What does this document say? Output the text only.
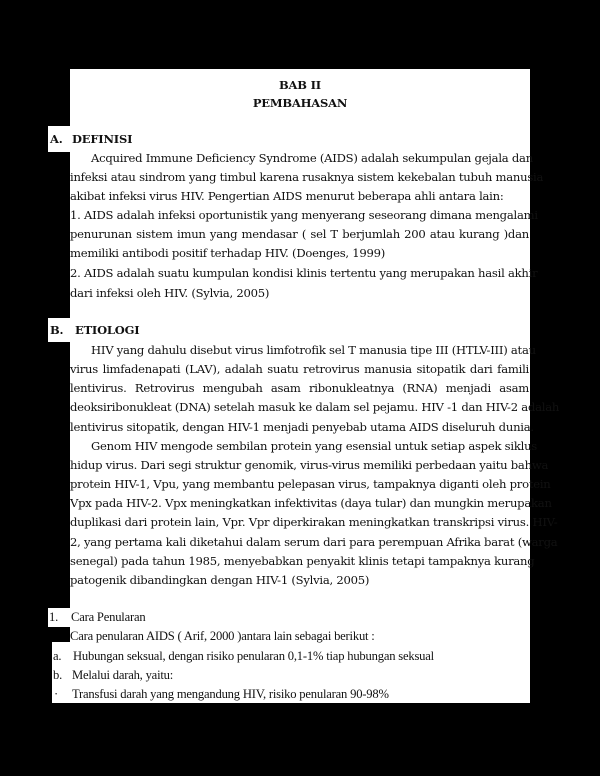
BAB II
PEMBAHASAN
A. DEFINISI
Acquired Immune Deficiency Syndrome (AIDS) adalah sekumpulan gejala dan
infeksi atau sindrom yang timbul karena rusaknya sistem kekebalan tubuh manusia
akibat infeksi virus HIV. Pengertian AIDS menurut beberapa ahli antara lain:
1. AIDS adalah infeksi oportunistik yang menyerang seseorang dimana mengalami
penurunan sistem imun yang mendasar ( sel T berjumlah 200 atau kurang )dan
memiliki antibodi positif terhadap HIV. (Doenges, 1999)
2. AIDS adalah suatu kumpulan kondisi klinis tertentu yang merupakan hasil akhir
dari infeksi oleh HIV. (Sylvia, 2005)
B. ETIOLOGI
HIV yang dahulu disebut virus limfotrofik sel T manusia tipe III (HTLV-III) atau
virus limfadenapati (LAV), adalah suatu retrovirus manusia sitopatik dari famili
lentivirus. Retrovirus mengubah asam ribonukleatnya (RNA) menjadi asam
deoksiribonukleat (DNA) setelah masuk ke dalam sel pejamu. HIV -1 dan HIV-2 adalah
lentivirus sitopatik, dengan HIV-1 menjadi penyebab utama AIDS diseluruh dunia.
Genom HIV mengode sembilan protein yang esensial untuk setiap aspek siklus
hidup virus. Dari segi struktur genomik, virus-virus memiliki perbedaan yaitu bahwa
protein HIV-1, Vpu, yang membantu pelepasan virus, tampaknya diganti oleh protein
Vpx pada HIV-2. Vpx meningkatkan infektivitas (daya tular) dan mungkin merupakan
duplikasi dari protein lain, Vpr. Vpr diperkirakan meningkatkan transkripsi virus. HIV-
2, yang pertama kali diketahui dalam serum dari para perempuan Afrika barat (warga
senegal) pada tahun 1985, menyebabkan penyakit klinis tetapi tampaknya kurang
patogenik dibandingkan dengan HIV-1 (Sylvia, 2005)
1. Cara Penularan
Cara penularan AIDS ( Arif, 2000 )antara lain sebagai berikut :
a. Hubungan seksual, dengan risiko penularan 0,1-1% tiap hubungan seksual
b. Melalui darah, yaitu:
· Transfusi darah yang mengandung HIV, risiko penularan 90-98%
